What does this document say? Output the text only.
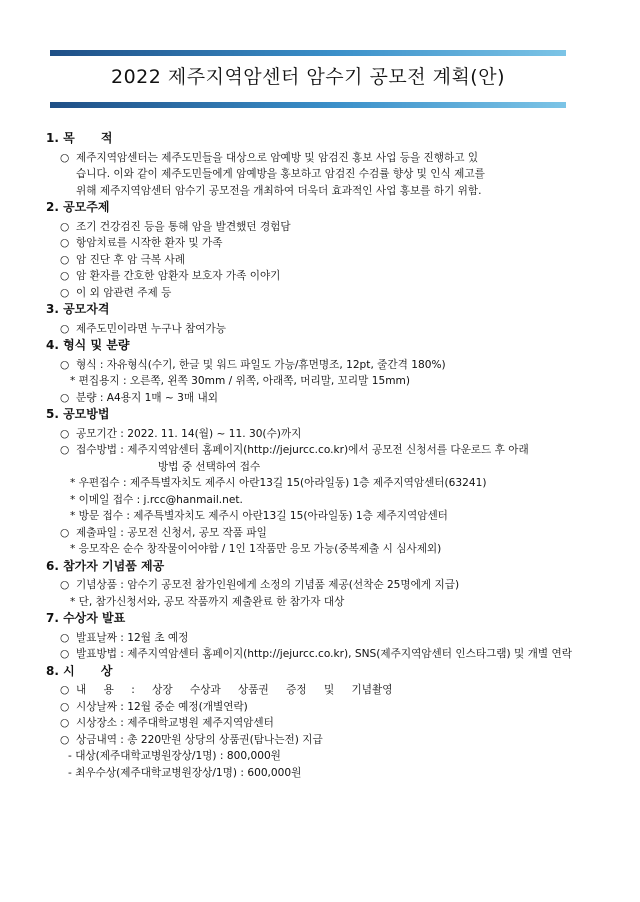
2022 제주지역암센터 암수기 공모전 계획(안)
1. 목 적
○ 제주지역암센터는 제주도민들을 대상으로 암예방 및 암검진 홍보 사업 등을 진행하고 있
습니다. 이와 같이 제주도민들에게 암예방을 홍보하고 암검진 수검률 향상 및 인식 제고를
위해 제주지역암센터 암수기 공모전을 개최하여 더욱더 효과적인 사업 홍보를 하기 위함.
2. 공모주제
○ 조기 건강검진 등을 통해 암을 발견했던 경험담
○ 항암치료를 시작한 환자 및 가족
○ 암 진단 후 암 극복 사례
○ 암 환자를 간호한 암환자 보호자 가족 이야기
○ 이 외 암관련 주제 등
3. 공모자격
○ 제주도민이라면 누구나 참여가능
4. 형식 및 분량
○ 형식 : 자유형식(수기, 한글 및 워드 파일도 가능/휴먼명조, 12pt, 줄간격 180%)
* 편집용지 : 오른쪽, 왼쪽 30mm / 위쪽, 아래쪽, 머리말, 꼬리말 15mm)
○ 분량 : A4용지 1매 ~ 3매 내외
5. 공모방법
○ 공모기간 : 2022. 11. 14(월) ~ 11. 30(수)까지
○ 접수방법 : 제주지역암센터 홈페이지(http://jejurcc.co.kr)에서 공모전 신청서를 다운로드 후 아래
방법 중 선택하여 접수
* 우편접수 : 제주특별자치도 제주시 아란13길 15(아라일동) 1층 제주지역암센터(63241)
* 이메일 접수 : j.rcc@hanmail.net.
* 방문 접수 : 제주특별자치도 제주시 아란13길 15(아라일동) 1층 제주지역암센터
○ 제출파일 : 공모전 신청서, 공모 작품 파일
* 응모작은 순수 창작물이어야함 / 1인 1작품만 응모 가능(중복제출 시 심사제외)
6. 참가자 기념품 제공
○ 기념상품 : 암수기 공모전 참가인원에게 소정의 기념품 제공(선착순 25명에게 지급)
* 단, 참가신청서와, 공모 작품까지 제출완료 한 참가자 대상
7. 수상자 발표
○ 발표날짜 : 12월 초 예정
○ 발표방법 : 제주지역암센터 홈페이지(http://jejurcc.co.kr), SNS(제주지역암센터 인스타그램) 및 개별 연락
8. 시 상
○ 내 용 : 상장 수상과 상품권 증정 및 기념촬영
○ 시상날짜 : 12월 중순 예정(개별연락)
○ 시상장소 : 제주대학교병원 제주지역암센터
○ 상금내역 : 총 220만원 상당의 상품권(탐나는전) 지급
- 대상(제주대학교병원장상/1명) : 800,000원
- 최우수상(제주대학교병원장상/1명) : 600,000원
